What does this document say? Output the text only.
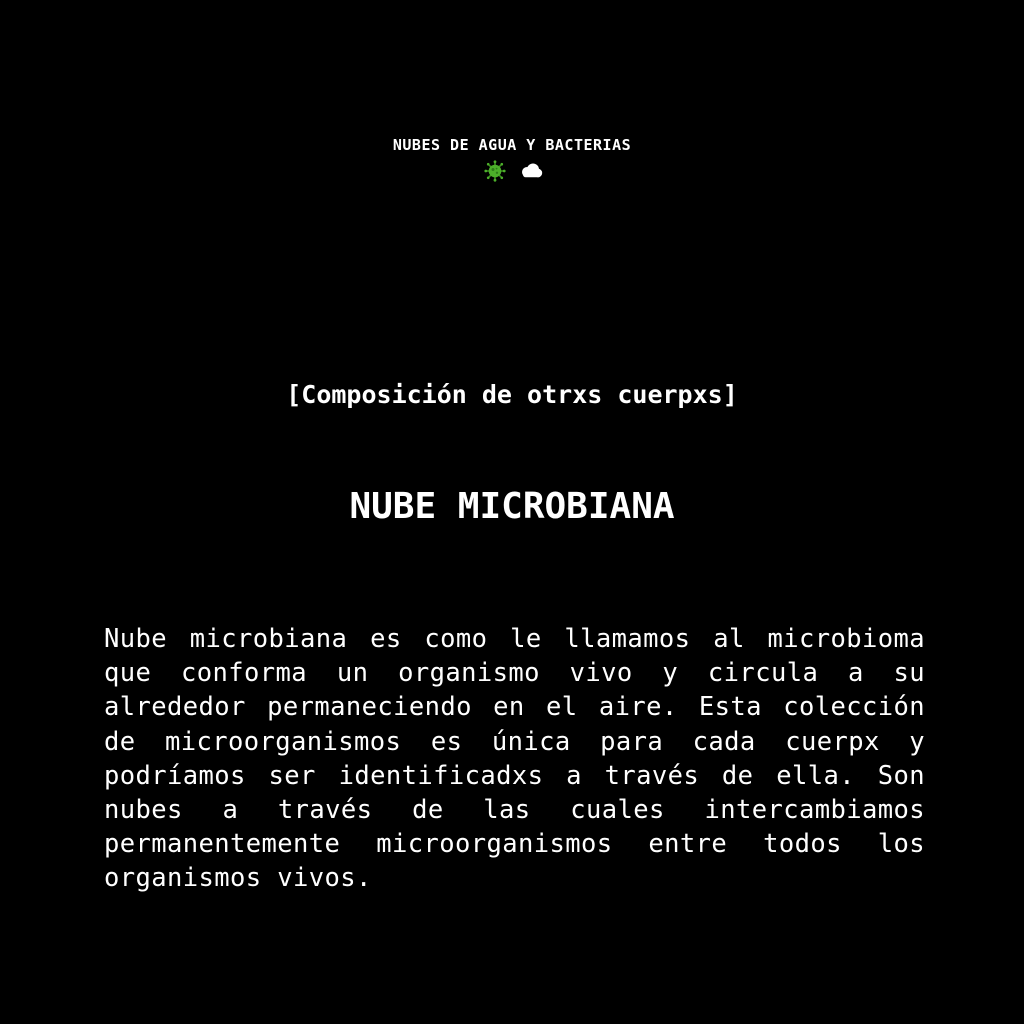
NUBES DE AGUA Y BACTERIAS
[Composición de otrxs cuerpxs]
NUBE MICROBIANA
Nube microbiana es como le llamamos al microbioma que conforma un organismo vivo y circula a su alrededor permaneciendo en el aire. Esta colección de microorganismos es única para cada cuerpx y podríamos ser identificadxs a través de ella. Son nubes a través de las cuales intercambiamos permanentemente microorganismos entre todos los organismos vivos.
